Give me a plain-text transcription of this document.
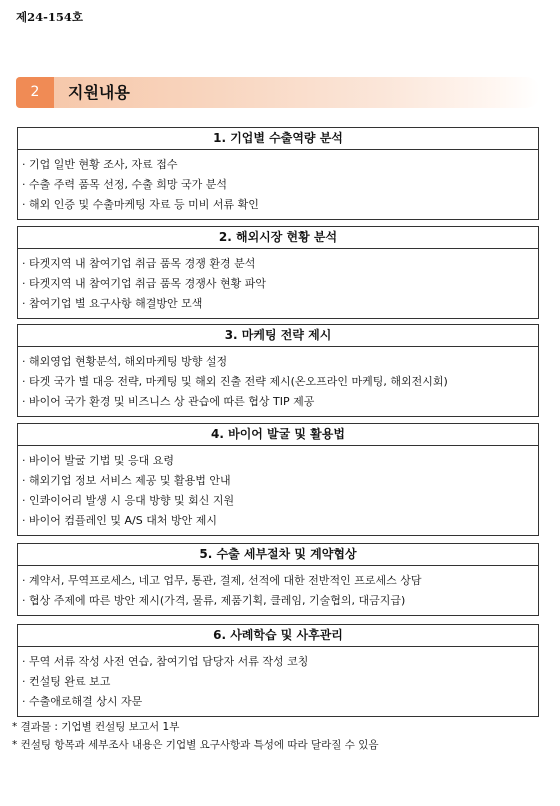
제24-154호
2	지원내용
1. 기업별 수출역량 분석
· 기업 일반 현황 조사, 자료 접수
· 수출 주력 품목 선정, 수출 희망 국가 분석
· 해외 인증 및 수출마케팅 자료 등 미비 서류 확인
2. 해외시장 현황 분석
· 타겟지역 내 참여기업 취급 품목 경쟁 환경 분석
· 타겟지역 내 참여기업 취급 품목 경쟁사 현황 파악
· 참여기업 별 요구사항 해결방안 모색
3. 마케팅 전략 제시
· 해외영업 현황분석, 해외마케팅 방향 설정
· 타겟 국가 별 대응 전략, 마케팅 및 해외 진출 전략 제시(온오프라인 마케팅, 해외전시회)
· 바이어 국가 환경 및 비즈니스 상 관습에 따른 협상 TIP 제공
4. 바이어 발굴 및 활용법
· 바이어 발굴 기법 및 응대 요령
· 해외기업 정보 서비스 제공 및 활용법 안내
· 인콰이어리 발생 시 응대 방향 및 회신 지원
· 바이어 컴플레인 및 A/S 대처 방안 제시
5. 수출 세부절차 및 계약협상
· 계약서, 무역프로세스, 네고 업무, 통관, 결제, 선적에 대한 전반적인 프로세스 상담
· 협상 주제에 따른 방안 제시(가격, 물류, 제품기획, 클레임, 기술협의, 대금지급)
6. 사례학습 및 사후관리
· 무역 서류 작성 사전 연습, 참여기업 담당자 서류 작성 코칭
· 컨설팅 완료 보고
· 수출애로해결 상시 자문
* 결과물 : 기업별 컨설팅 보고서 1부
* 컨설팅 항목과 세부조사 내용은 기업별 요구사항과 특성에 따라 달라질 수 있음
